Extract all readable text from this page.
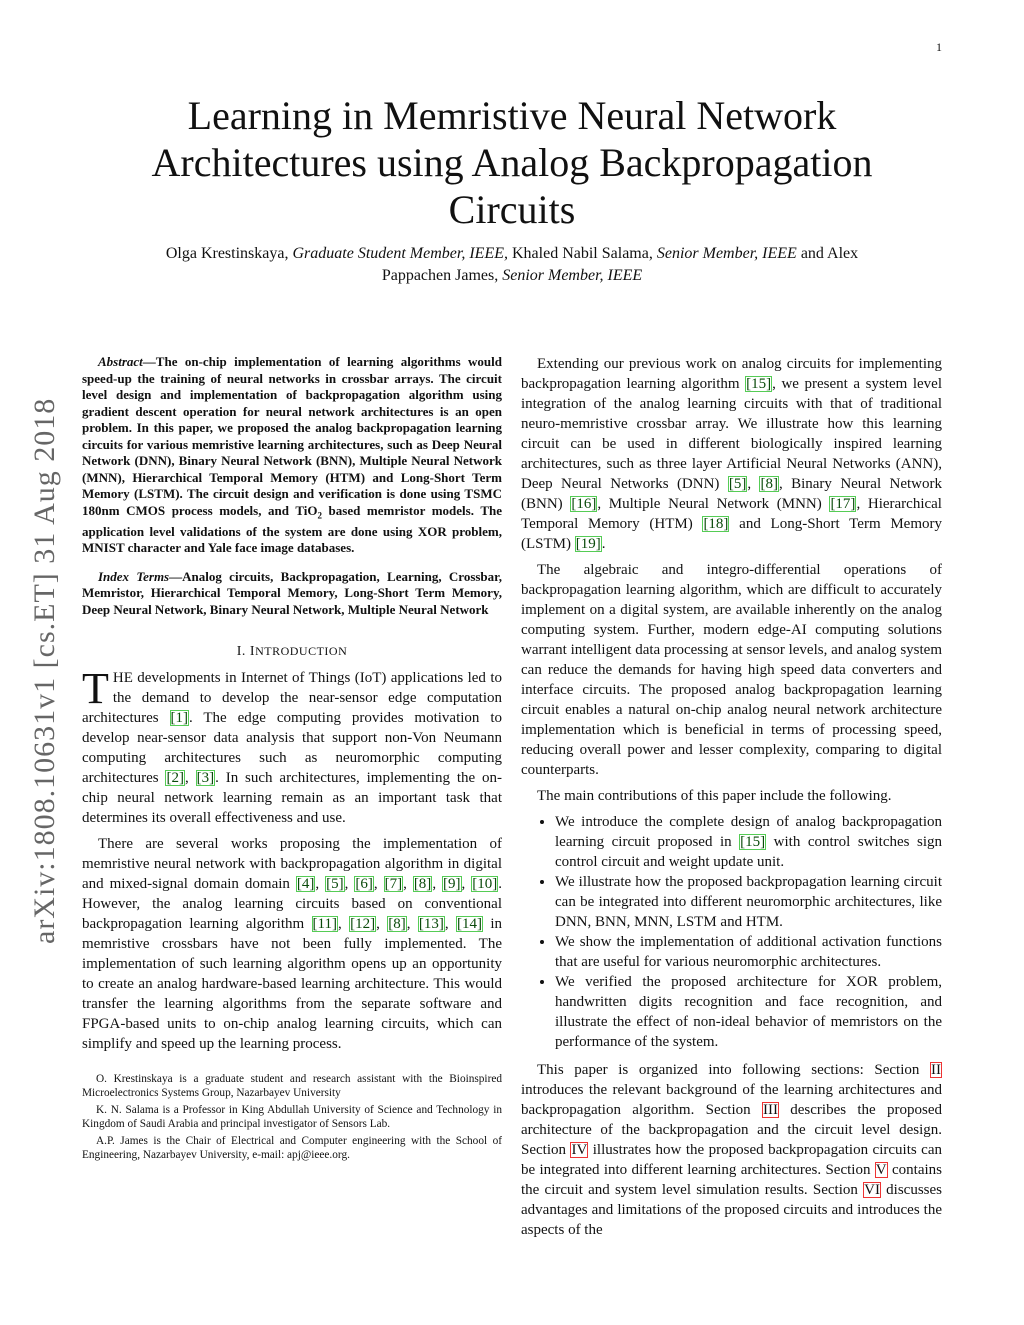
1
Learning in Memristive Neural Network
Architectures using Analog Backpropagation
Circuits
Olga Krestinskaya, Graduate Student Member, IEEE, Khaled Nabil Salama, Senior Member, IEEE and Alex
Pappachen James, Senior Member, IEEE
arXiv:1808.10631v1 [cs.ET] 31 Aug 2018

Abstract—The on-chip implementation of learning algorithms would speed-up the training of neural networks in crossbar arrays. The circuit level design and implementation of backpropagation algorithm using gradient descent operation for neural network architectures is an open problem. In this paper, we proposed the analog backpropagation learning circuits for various memristive learning architectures, such as Deep Neural Network (DNN), Binary Neural Network (BNN), Multiple Neural Network (MNN), Hierarchical Temporal Memory (HTM) and Long-Short Term Memory (LSTM). The circuit design and verification is done using TSMC 180nm CMOS process models, and TiO$_2$ based memristor models. The application level validations of the system are done using XOR problem, MNIST character and Yale face image databases.

Index Terms—Analog circuits, Backpropagation, Learning, Crossbar, Memristor, Hierarchical Temporal Memory, Long-Short Term Memory, Deep Neural Network, Binary Neural Network, Multiple Neural Network

I. INTRODUCTION

THE developments in Internet of Things (IoT) applications led to the demand to develop the near-sensor edge computation architectures [1]. The edge computing provides motivation to develop near-sensor data analysis that support non-Von Neumann computing architectures such as neuromorphic computing architectures [2], [3]. In such architectures, implementing the on-chip neural network learning remain as an important task that determines its overall effectiveness and use.

There are several works proposing the implementation of memristive neural network with backpropagation algorithm in digital and mixed-signal domain domain [4], [5], [6], [7], [8], [9], [10]. However, the analog learning circuits based on conventional backpropagation learning algorithm [11], [12], [8], [13], [14] in memristive crossbars have not been fully implemented. The implementation of such learning algorithm opens up an opportunity to create an analog hardware-based learning architecture. This would transfer the learning algorithms from the separate software and FPGA-based units to on-chip analog learning circuits, which can simplify and speed up the learning process.

O. Krestinskaya is a graduate student and research assistant with the Bioinspired Microelectronics Systems Group, Nazarbayev University

K. N. Salama is a Professor in King Abdullah University of Science and Technology in Kingdom of Saudi Arabia and principal investigator of Sensors Lab.

A.P. James is the Chair of Electrical and Computer engineering with the School of Engineering, Nazarbayev University, e-mail: apj@ieee.org.

Extending our previous work on analog circuits for implementing backpropagation learning algorithm [15], we present a system level integration of the analog learning circuits with that of traditional neuro-memristive crossbar array. We illustrate how this learning circuit can be used in different biologically inspired learning architectures, such as three layer Artificial Neural Networks (ANN), Deep Neural Networks (DNN) [5], [8], Binary Neural Network (BNN) [16], Multiple Neural Network (MNN) [17], Hierarchical Temporal Memory (HTM) [18] and Long-Short Term Memory (LSTM) [19].

The algebraic and integro-differential operations of backpropagation learning algorithm, which are difficult to accurately implement on a digital system, are available inherently on the analog computing system. Further, modern edge-AI computing solutions warrant intelligent data processing at sensor levels, and analog system can reduce the demands for having high speed data converters and interface circuits. The proposed analog backpropagation learning circuit enables a natural on-chip analog neural network architecture implementation which is beneficial in terms of processing speed, reducing overall power and lesser complexity, comparing to digital counterparts.

The main contributions of this paper include the following.

• We introduce the complete design of analog backpropagation learning circuit proposed in [15] with control switches sign control circuit and weight update unit.
• We illustrate how the proposed backpropagation learning circuit can be integrated into different neuromorphic architectures, like DNN, BNN, MNN, LSTM and HTM.
• We show the implementation of additional activation functions that are useful for various neuromorphic architectures.
• We verified the proposed architecture for XOR problem, handwritten digits recognition and face recognition, and illustrate the effect of non-ideal behavior of memristors on the performance of the system.

This paper is organized into following sections: Section II introduces the relevant background of the learning architectures and backpropagation algorithm. Section III describes the proposed architecture of the backpropagation and the circuit level design. Section IV illustrates how the proposed backpropagation circuits can be integrated into different learning architectures. Section V contains the circuit and system level simulation results. Section VI discusses advantages and limitations of the proposed circuits and introduces the aspects of the
